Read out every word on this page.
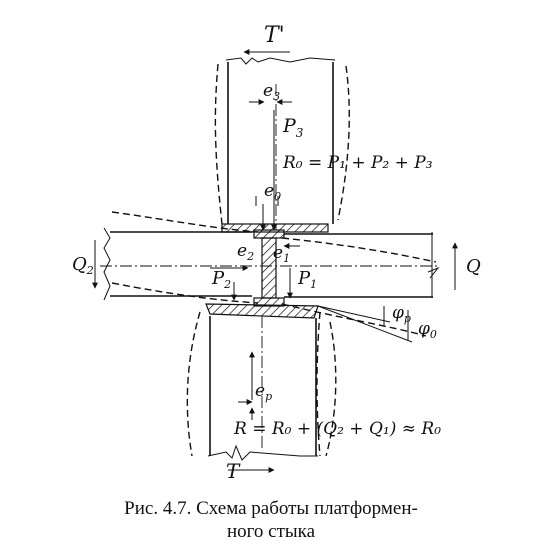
T'
T
$e_3$
$P_3$
R₀ = P₁ + P₂ + P₃
$e_0$
$e_1$
$e_2$
$P_1$
$P_2$
$Q_2$	Q
$\varphi_p$
$\varphi_0$
$e_p$
R = R₀ + (Q₂ + Q₁) ≈ R₀
Рис. 4.7. Схема работы платформен-
ного стыка
